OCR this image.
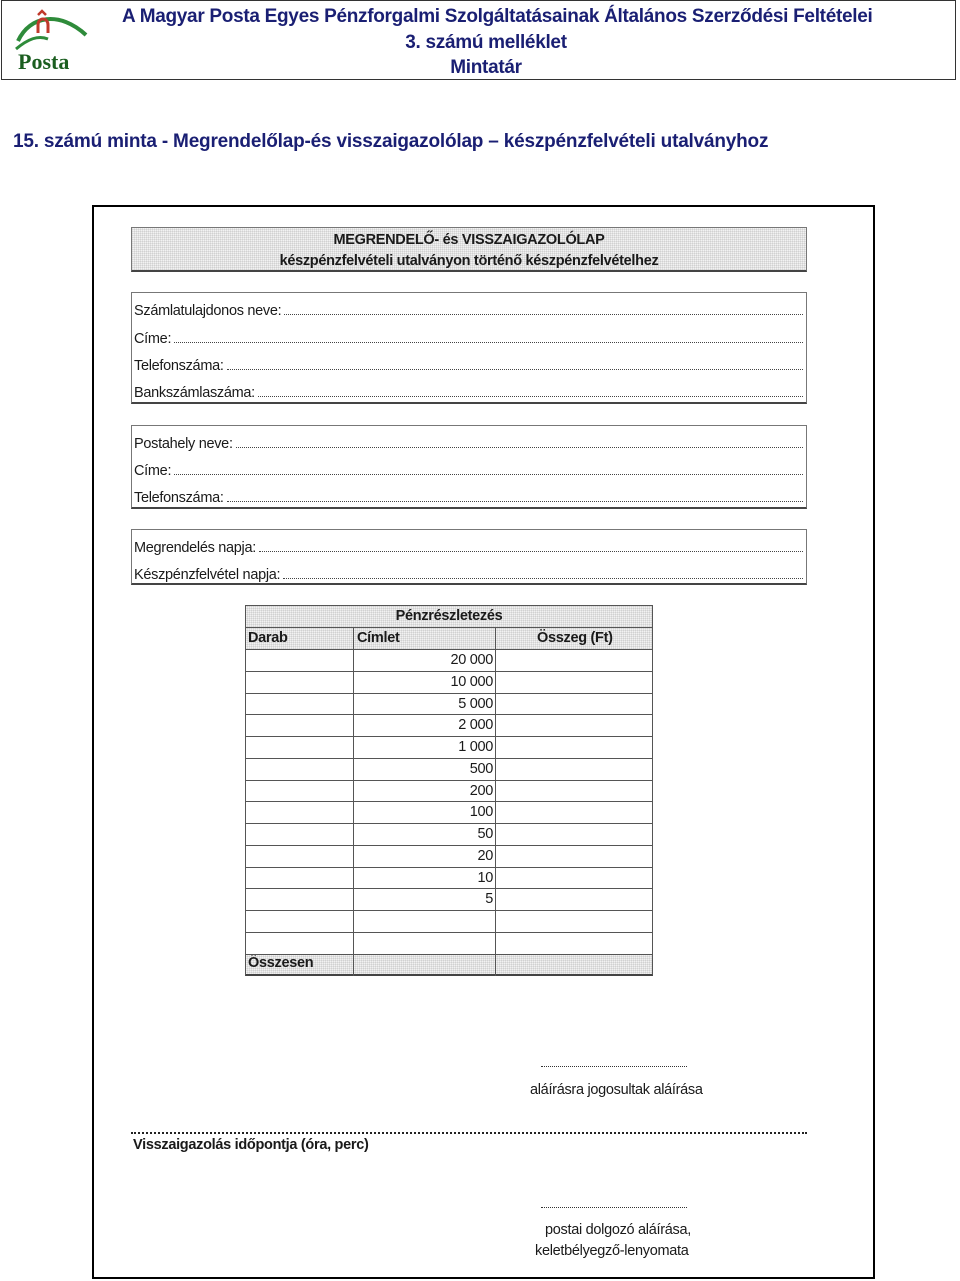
Posta
A Magyar Posta Egyes Pénzforgalmi Szolgáltatásainak Általános Szerződési Feltételei
3. számú melléklet
Mintatár
15. számú minta - Megrendelőlap-és visszaigazolólap – készpénzfelvételi utalványhoz
MEGRENDELŐ- és VISSZAIGAZOLÓLAP
készpénzfelvételi utalványon történő készpénzfelvételhez
Számlatulajdonos neve:
Címe:
Telefonszáma:
Bankszámlaszáma:
Postahely neve:
Címe:
Telefonszáma:
Megrendelés napja:
Készpénzfelvétel napja:
Pénzrészletezés
Darab	Címlet	Összeg (Ft)
Összesen
20 000
10 000
5 000
2 000
1 000
500
200
100
50
20
10
5
aláírásra jogosultak aláírása
Visszaigazolás időpontja (óra, perc)
postai dolgozó aláírása,
keletbélyegző-lenyomata
